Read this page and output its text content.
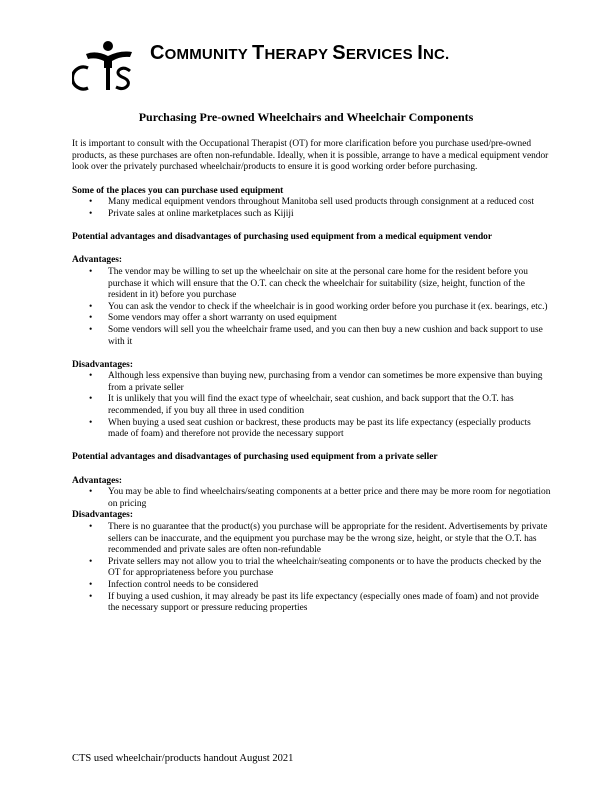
COMMUNITY THERAPY SERVICES INC.
Purchasing Pre-owned Wheelchairs and Wheelchair Components

It is important to consult with the Occupational Therapist (OT) for more clarification before you purchase used/pre-owned products, as these purchases are often non-refundable. Ideally, when it is possible, arrange to have a medical equipment vendor look over the privately purchased wheelchair/products to ensure it is good working order before purchasing.

Some of the places you can purchase used equipment

• Many medical equipment vendors throughout Manitoba sell used products through consignment at a reduced cost
• Private sales at online marketplaces such as Kijiji

Potential advantages and disadvantages of purchasing used equipment from a medical equipment vendor

Advantages:

• The vendor may be willing to set up the wheelchair on site at the personal care home for the resident before you purchase it which will ensure that the O.T. can check the wheelchair for suitability (size, height, function of the resident in it) before you purchase
• You can ask the vendor to check if the wheelchair is in good working order before you purchase it (ex. bearings, etc.)
• Some vendors may offer a short warranty on used equipment
• Some vendors will sell you the wheelchair frame used, and you can then buy a new cushion and back support to use with it

Disadvantages:

• Although less expensive than buying new, purchasing from a vendor can sometimes be more expensive than buying from a private seller
• It is unlikely that you will find the exact type of wheelchair, seat cushion, and back support that the O.T. has recommended, if you buy all three in used condition
• When buying a used seat cushion or backrest, these products may be past its life expectancy (especially products made of foam) and therefore not provide the necessary support

Potential advantages and disadvantages of purchasing used equipment from a private seller

Advantages:

• You may be able to find wheelchairs/seating components at a better price and there may be more room for negotiation on pricing

Disadvantages:

• There is no guarantee that the product(s) you purchase will be appropriate for the resident. Advertisements by private sellers can be inaccurate, and the equipment you purchase may be the wrong size, height, or style that the O.T. has recommended and private sales are often non-refundable
• Private sellers may not allow you to trial the wheelchair/seating components or to have the products checked by the OT for appropriateness before you purchase
• Infection control needs to be considered
• If buying a used cushion, it may already be past its life expectancy (especially ones made of foam) and not provide the necessary support or pressure reducing properties
CTS used wheelchair/products handout August 2021
